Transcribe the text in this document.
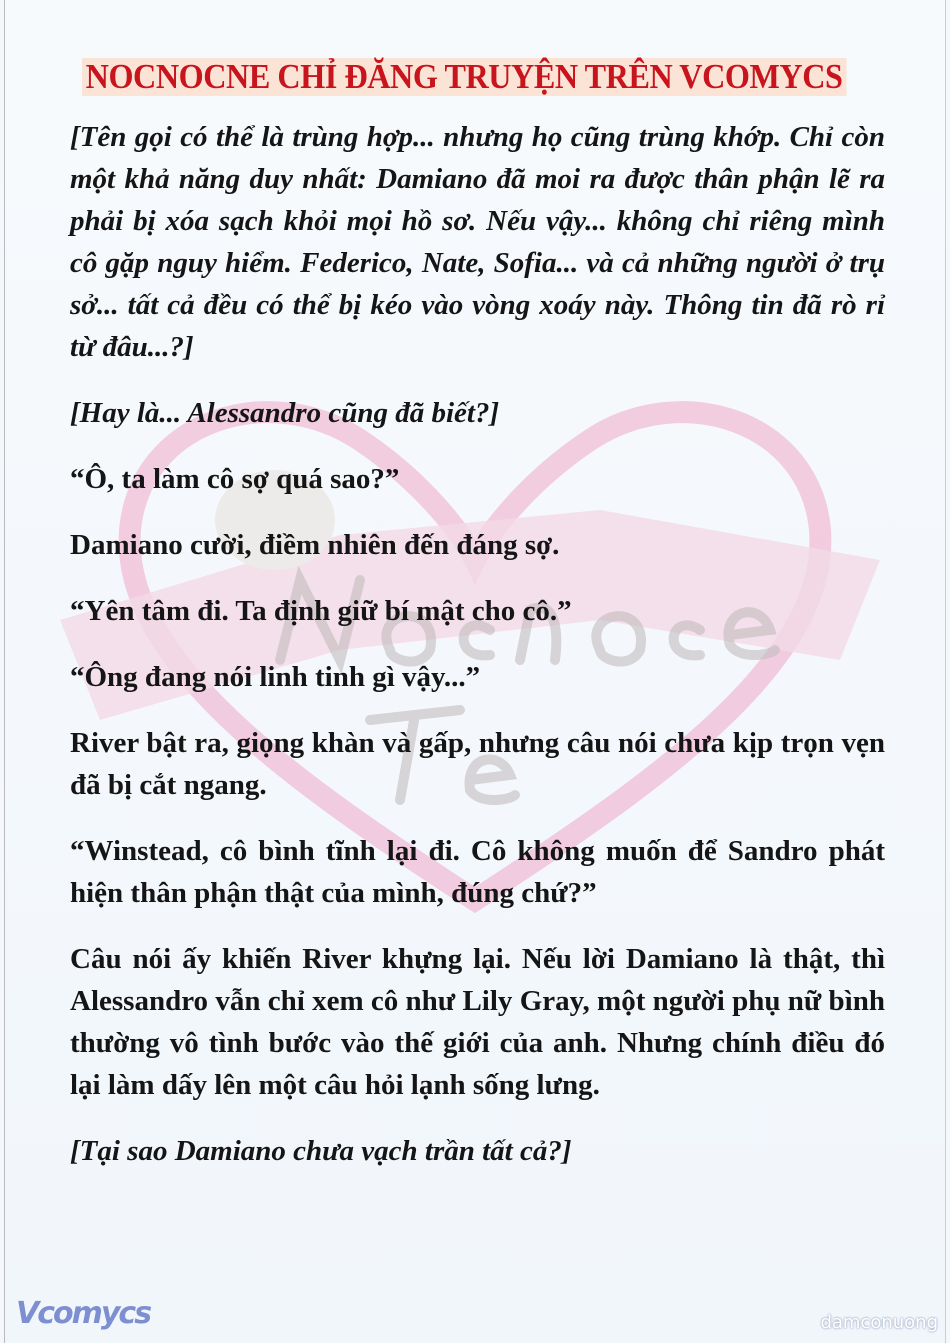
NOCNOCNE CHỈ ĐĂNG TRUYỆN TRÊN VCOMYCS

[Tên gọi có thể là trùng hợp... nhưng họ cũng trùng khớp. Chỉ còn một khả năng duy nhất: Damiano đã moi ra được thân phận lẽ ra phải bị xóa sạch khỏi mọi hồ sơ. Nếu vậy... không chỉ riêng mình cô gặp nguy hiểm. Federico, Nate, Sofia... và cả những người ở trụ sở... tất cả đều có thể bị kéo vào vòng xoáy này. Thông tin đã rò rỉ từ đâu...?]

[Hay là... Alessandro cũng đã biết?]

“Ô, ta làm cô sợ quá sao?”

Damiano cười, điềm nhiên đến đáng sợ.

“Yên tâm đi. Ta định giữ bí mật cho cô.”

“Ông đang nói linh tinh gì vậy...”

River bật ra, giọng khàn và gấp, nhưng câu nói chưa kịp trọn vẹn đã bị cắt ngang.

“Winstead, cô bình tĩnh lại đi. Cô không muốn để Sandro phát hiện thân phận thật của mình, đúng chứ?”

Câu nói ấy khiến River khựng lại. Nếu lời Damiano là thật, thì Alessandro vẫn chỉ xem cô như Lily Gray, một người phụ nữ bình thường vô tình bước vào thế giới của anh. Nhưng chính điều đó lại làm dấy lên một câu hỏi lạnh sống lưng.

[Tại sao Damiano chưa vạch trần tất cả?]

Vcomycs	damconuong
